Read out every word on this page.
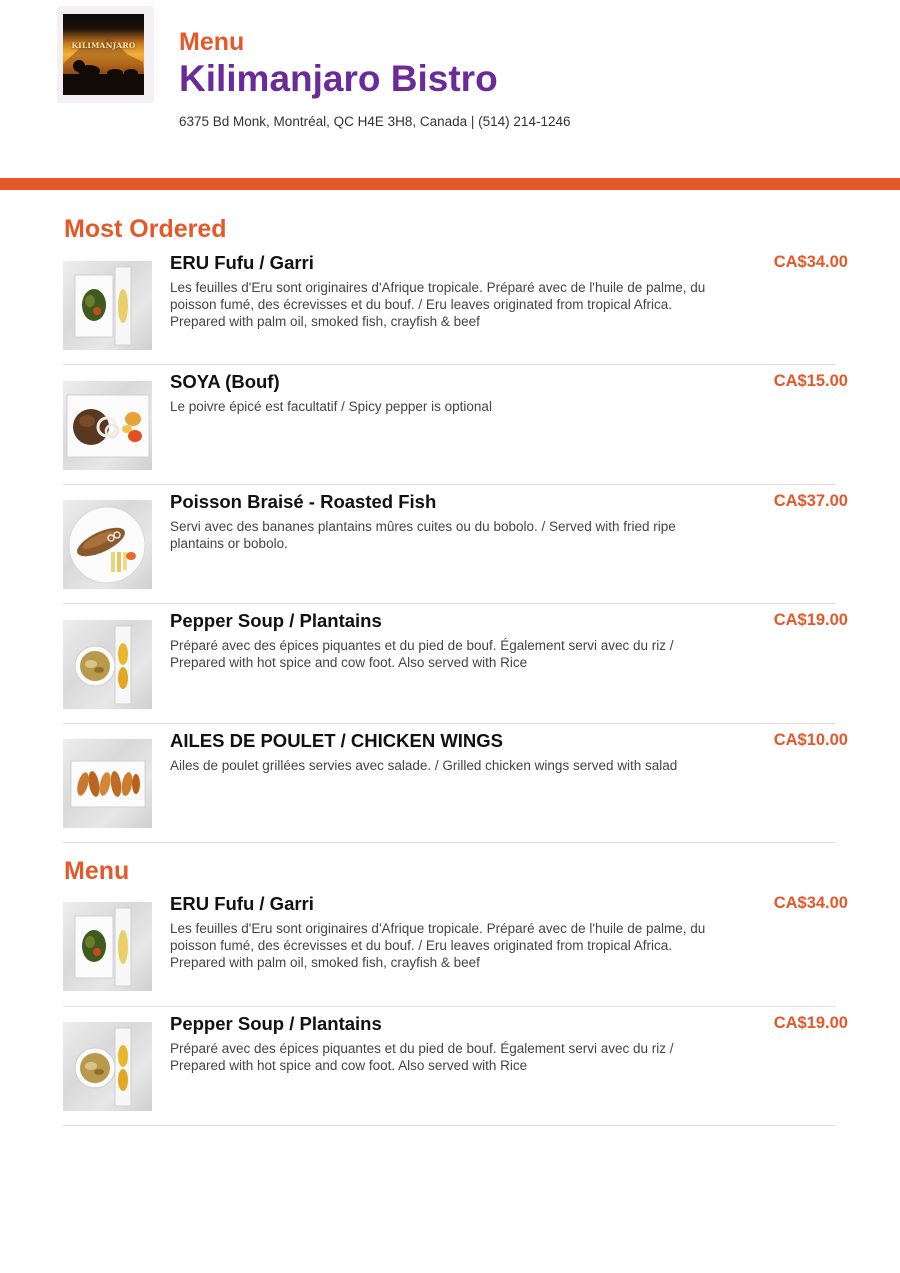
KILIMANJARO	Menu
Kilimanjaro Bistro
6375 Bd Monk, Montréal, QC H4E 3H8, Canada | (514) 214-1246
Most Ordered
ERU Fufu / Garri
Les feuilles d'Eru sont originaires d'Afrique tropicale. Préparé avec de l'huile de palme, du poisson fumé, des écrevisses et du bouf. / Eru leaves originated from tropical Africa. Prepared with palm oil, smoked fish, crayfish & beef
CA$34.00
SOYA (Bouf)
Le poivre épicé est facultatif / Spicy pepper is optional
CA$15.00
Poisson Braisé - Roasted Fish
Servi avec des bananes plantains mûres cuites ou du bobolo. / Served with fried ripe plantains or bobolo.
CA$37.00
Pepper Soup / Plantains
Préparé avec des épices piquantes et du pied de bouf. Également servi avec du riz / Prepared with hot spice and cow foot. Also served with Rice
CA$19.00
AILES DE POULET / CHICKEN WINGS
Ailes de poulet grillées servies avec salade. / Grilled chicken wings served with salad
CA$10.00
Menu
ERU Fufu / Garri
Les feuilles d'Eru sont originaires d'Afrique tropicale. Préparé avec de l'huile de palme, du poisson fumé, des écrevisses et du bouf. / Eru leaves originated from tropical Africa. Prepared with palm oil, smoked fish, crayfish & beef
CA$34.00
Pepper Soup / Plantains
Préparé avec des épices piquantes et du pied de bouf. Également servi avec du riz / Prepared with hot spice and cow foot. Also served with Rice
CA$19.00
